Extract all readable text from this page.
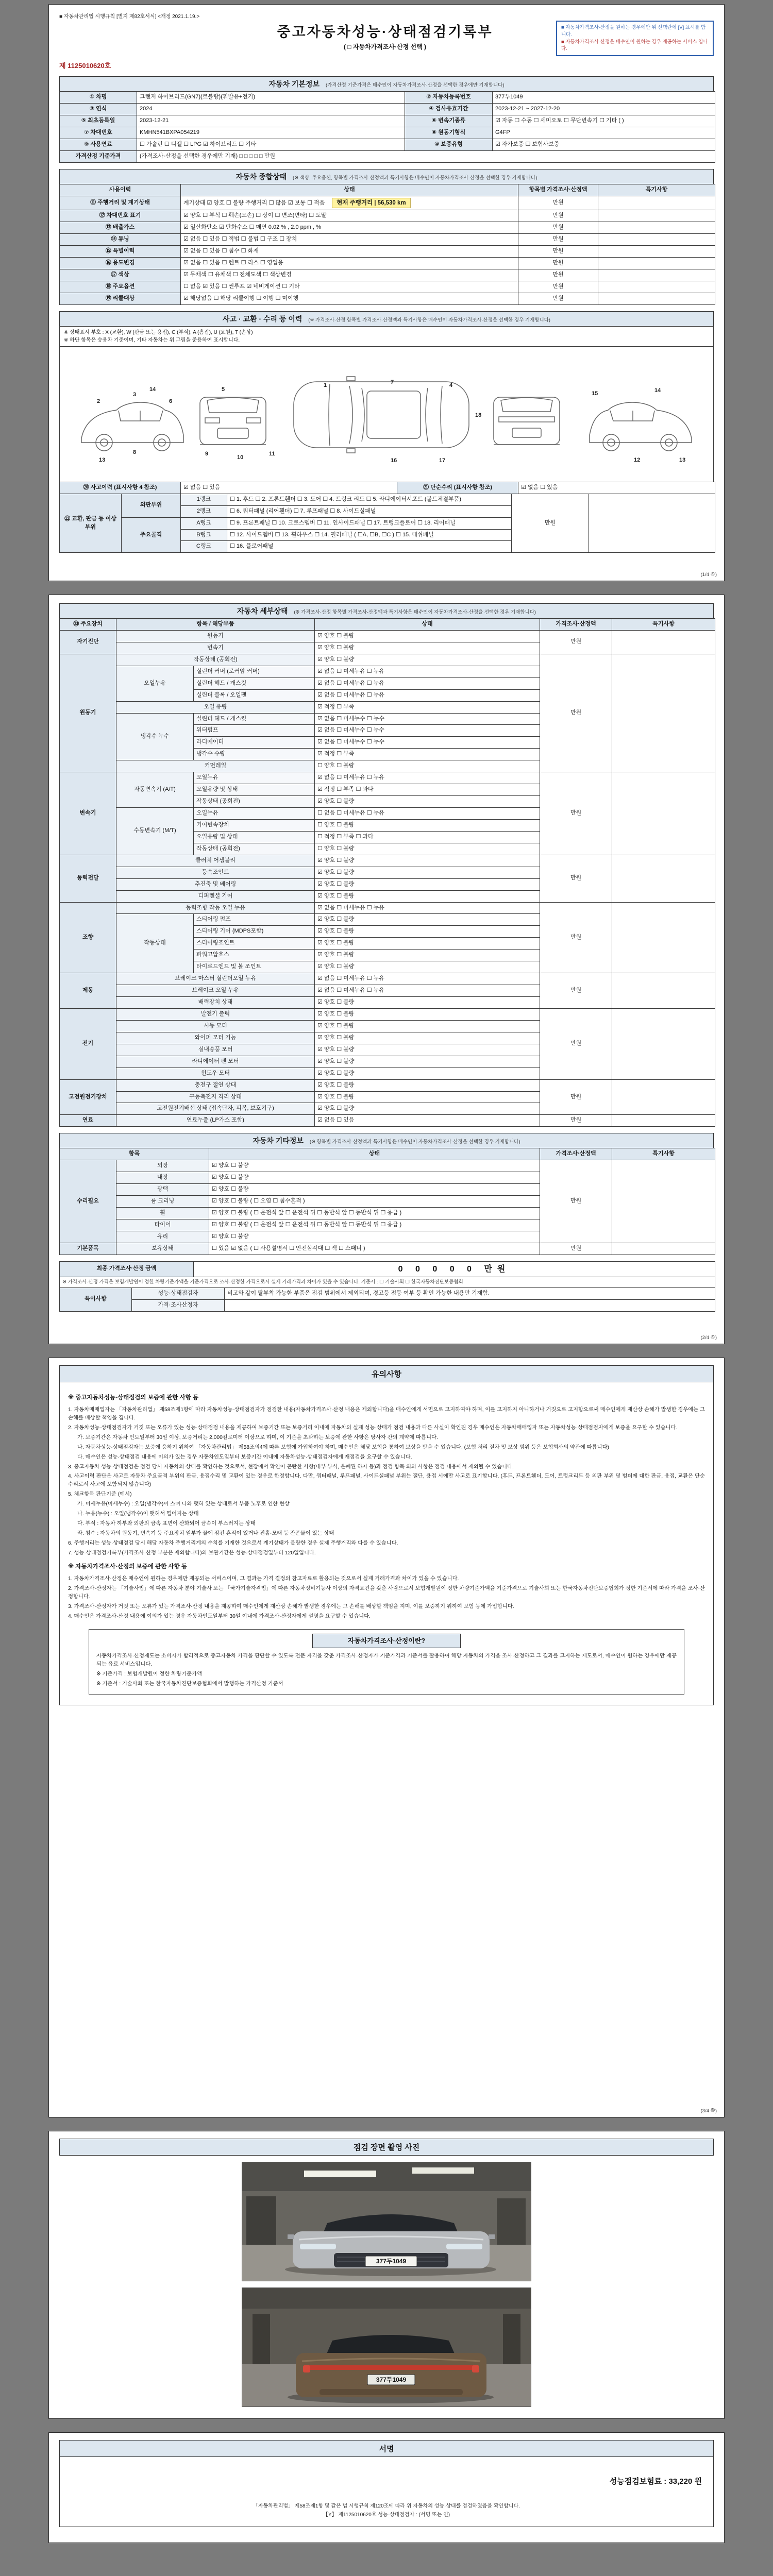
■ 자동차관리법 시행규칙 [별지 제82호서식] <개정 2021.1.19.>
중고자동차성능·상태점검기록부
( □ 자동차가격조사·산정 선택 )
■ 자동차가격조사·산정을 원하는 경우에만 위 선택란에 [V] 표시를 합니다.
■ 자동차가격조사·산정은 매수인이 원하는 경우 제공하는 서비스 입니다.
제 1125010620호
자동차 기본정보 (가격산정 기준가격은 매수인이 자동차가격조사·산정을 선택한 경우에만 기재합니다)
① 차명	그랜저 하이브리드(GN7)(르블랑)(휘발유+전기)	② 자동차등록번호	377두1049
③ 연식	2024	④ 검사유효기간	2023-12-21 ~ 2027-12-20
⑤ 최초등록일	2023-12-21	⑥ 변속기종류	☑ 자동 ☐ 수동 ☐ 세미오토 ☐ 무단변속기 ☐ 기타 ( )
⑦ 차대번호	KMHN541BXPA054219	⑧ 원동기형식	G4FP
⑨ 사용연료	☐ 가솔린 ☐ 디젤 ☐ LPG ☑ 하이브리드 ☐ 기타	⑩ 보증유형	☑ 자가보증 ☐ 보험사보증
가격산정 기준가격	(가격조사·산정을 선택한 경우에만 기재) □ □ □ □ □ 만원		
자동차 종합상태 (※ 색상, 주요옵션, 항목별 가격조사·산정액과 특기사항은 매수인이 자동차가격조사·산정을 선택한 경우 기재합니다)
사용이력	상태	항목별 가격조사·산정액	특기사항
⑪ 주행거리 및 계기상태	계기상태 ☑ 양호 ☐ 불량 주행거리 ☐ 많음 ☑ 보통 ☐ 적음 현재 주행거리 | 56,530 km	만원	
⑫ 차대번호 표기	☑ 양호 ☐ 부식 ☐ 훼손(오손) ☐ 상이 ☐ 변조(변타) ☐ 도말	만원	
⑬ 배출가스	☑ 일산화탄소 ☑ 탄화수소 ☐ 매연 0.02 % , 2.0 ppm , %	만원	
⑭ 튜닝	☑ 없음 ☐ 있음 ☐ 적법 ☐ 불법 ☐ 구조 ☐ 장치	만원	
⑮ 특별이력	☑ 없음 ☐ 있음 ☐ 침수 ☐ 화재	만원	
⑯ 용도변경	☑ 없음 ☐ 있음 ☐ 렌트 ☐ 리스 ☐ 영업용	만원	
⑰ 색상	☑ 무채색 ☐ 유채색 ☐ 전체도색 ☐ 색상변경	만원	
⑱ 주요옵션	☐ 없음 ☑ 있음 ☐ 썬루프 ☑ 네비게이션 ☐ 기타	만원	
⑲ 리콜대상	☑ 해당없음 ☐ 해당 리콜이행 ☐ 이행 ☐ 미이행	만원	
사고 · 교환 · 수리 등 이력 (※ 가격조사·산정 항목별 가격조사·산정액과 특기사항은 매수인이 자동차가격조사·산정을 선택한 경우 기재합니다)
※ 상태표시 부호 : X (교환), W (판금 또는 용접), C (부식), A (흠집), U (요철), T (손상)
※ 하단 항목은 승용차 기준이며, 기타 자동차는 위 그림을 준용하여 표시합니다.
2
3
6
8
13
14	5
9
10
11
1	7	4
16	17
18
15
12
14
13
⑳ 사고이력 (표시사항 4 참조)	☑ 없음 ☐ 있음	㉑ 단순수리 (표시사항 참조)	☑ 없음 ☐ 있음
㉒ 교환, 판금 등 이상 부위	외판부위	1랭크	☐ 1. 후드 ☐ 2. 프론트휀더 ☐ 3. 도어 ☐ 4. 트렁크 리드 ☐ 5. 라디에이터서포트 (볼트체결부품)	만원	
		2랭크	☐ 6. 쿼터패널 (리어휀더) ☐ 7. 루프패널 ☐ 8. 사이드실패널		
	주요골격	A랭크	☐ 9. 프론트패널 ☐ 10. 크로스멤버 ☐ 11. 인사이드패널 ☐ 17. 트렁크플로어 ☐ 18. 리어패널		
		B랭크	☐ 12. 사이드멤버 ☐ 13. 휠하우스 ☐ 14. 필러패널 ( ☐A, ☐B, ☐C ) ☐ 15. 대쉬패널		
		C랭크	☐ 16. 플로어패널		
(1/4 쪽)
자동차 세부상태 (※ 가격조사·산정 항목별 가격조사·산정액과 특기사항은 매수인이 자동차가격조사·산정을 선택한 경우 기재합니다)
㉓ 주요장치	항목 / 해당부품		상태	가격조사·산정액	특기사항
자기진단	원동기		☑ 양호 ☐ 불량	만원	
	변속기		☑ 양호 ☐ 불량		
원동기	작동상태 (공회전)		☑ 양호 ☐ 불량	만원	
	오일누유	실린더 커버 (로커암 커버)	☑ 없음 ☐ 미세누유 ☐ 누유		
		실린더 헤드 / 개스킷	☑ 없음 ☐ 미세누유 ☐ 누유		
		실린더 블록 / 오일팬	☑ 없음 ☐ 미세누유 ☐ 누유		
	오일 유량		☑ 적정 ☐ 부족		
	냉각수 누수	실린더 헤드 / 개스킷	☑ 없음 ☐ 미세누수 ☐ 누수		
		워터펌프	☑ 없음 ☐ 미세누수 ☐ 누수		
		라디에이터	☑ 없음 ☐ 미세누수 ☐ 누수		
		냉각수 수량	☑ 적정 ☐ 부족		
	커먼레일		☐ 양호 ☐ 불량		
변속기	자동변속기 (A/T)	오일누유	☑ 없음 ☐ 미세누유 ☐ 누유	만원	
		오일유량 및 상태	☑ 적정 ☐ 부족 ☐ 과다		
		작동상태 (공회전)	☑ 양호 ☐ 불량		
	수동변속기 (M/T)	오일누유	☐ 없음 ☐ 미세누유 ☐ 누유		
		기어변속장치	☐ 양호 ☐ 불량		
		오일유량 및 상태	☐ 적정 ☐ 부족 ☐ 과다		
		작동상태 (공회전)	☐ 양호 ☐ 불량		
동력전달	클러치 어셈블리		☑ 양호 ☐ 불량	만원	
	등속조인트		☑ 양호 ☐ 불량		
	추진축 및 베어링		☑ 양호 ☐ 불량		
	디퍼렌셜 기어		☑ 양호 ☐ 불량		
조향	동력조향 작동 오일 누유		☑ 없음 ☐ 미세누유 ☐ 누유	만원	
	작동상태	스티어링 펌프	☑ 양호 ☐ 불량		
		스티어링 기어 (MDPS포함)	☑ 양호 ☐ 불량		
		스티어링조인트	☑ 양호 ☐ 불량		
		파워고압호스	☑ 양호 ☐ 불량		
		타이로드엔드 및 볼 조인트	☑ 양호 ☐ 불량		
제동	브레이크 마스터 실린더오일 누유		☑ 없음 ☐ 미세누유 ☐ 누유	만원	
	브레이크 오일 누유		☑ 없음 ☐ 미세누유 ☐ 누유		
	배력장치 상태		☑ 양호 ☐ 불량		
전기	발전기 출력		☑ 양호 ☐ 불량	만원	
	시동 모터		☑ 양호 ☐ 불량		
	와이퍼 모터 기능		☑ 양호 ☐ 불량		
	실내송풍 모터		☑ 양호 ☐ 불량		
	라디에이터 팬 모터		☑ 양호 ☐ 불량		
	윈도우 모터		☑ 양호 ☐ 불량		
고전원전기장치	충전구 절연 상태		☑ 양호 ☐ 불량	만원	
	구동축전지 격리 상태		☑ 양호 ☐ 불량		
	고전원전기배선 상태 (접속단자, 피복, 보호기구)		☑ 양호 ☐ 불량		
연료	연료누출 (LP가스 포함)		☑ 없음 ☐ 있음	만원	
자동차 기타정보 (※ 항목별 가격조사·산정액과 특기사항은 매수인이 자동차가격조사·산정을 선택한 경우 기재합니다)
항목		상태	가격조사·산정액	특기사항
수리필요	외장	☑ 양호 ☐ 불량	만원	
	내장	☑ 양호 ☐ 불량		
	광택	☑ 양호 ☐ 불량		
	룸 크리닝	☑ 양호 ☐ 불량 ( ☐ 오염 ☐ 침수흔적 )		
	휠	☑ 양호 ☐ 불량 ( ☐ 운전석 앞 ☐ 운전석 뒤 ☐ 동반석 앞 ☐ 동반석 뒤 ☐ 응급 )		
	타이어	☑ 양호 ☐ 불량 ( ☐ 운전석 앞 ☐ 운전석 뒤 ☐ 동반석 앞 ☐ 동반석 뒤 ☐ 응급 )		
	유리	☑ 양호 ☐ 불량		
기본품목	보유상태	☐ 있음 ☑ 없음 ( ☐ 사용설명서 ☐ 안전삼각대 ☐ 잭 ☐ 스패너 )	만원	
최종 가격조사·산정 금액	0 0 0 0 0 만원
※ 가격조사·산정 가격은 보험개발원이 정한 차량기준가액을 기준가격으로 조사·산정한 가격으로서 실제 거래가격과 차이가 있을 수 있습니다. 기준서 : ☐ 기술사회 ☐ 한국자동차진단보증협회
특이사항	성능·상태점검자	비고와 같이 탈부착 가능한 부품은 점검 범위에서 제외되며, 경고등 점등 여부 등 확인 가능한 내용만 기재함.
	가격·조사산정자	
(2/4 쪽)
유의사항
※ 중고자동차성능·상태점검의 보증에 관한 사항 등
1. 자동차매매업자는 「자동차관리법」 제58조제1항에 따라 자동차성능·상태점검자가 점검한 내용(자동차가격조사·산정 내용은 제외합니다)을 매수인에게 서면으로 고지하여야 하며, 이를 고지하지 아니하거나 거짓으로 고지함으로써 매수인에게 재산상 손해가 발생한 경우에는 그 손해를 배상할 책임을 집니다.
2. 자동차성능·상태점검자가 거짓 또는 오류가 있는 성능·상태점검 내용을 제공하여 보증기간 또는 보증거리 이내에 자동차의 실제 성능·상태가 점검 내용과 다른 사실이 확인된 경우 매수인은 자동차매매업자 또는 자동차성능·상태점검자에게 보증을 요구할 수 있습니다.
가. 보증기간은 자동차 인도일부터 30일 이상, 보증거리는 2,000킬로미터 이상으로 하며, 이 기준을 초과하는 보증에 관한 사항은 당사자 간의 계약에 따릅니다.
나. 자동차성능·상태점검자는 보증에 응하기 위하여 「자동차관리법」 제58조의4에 따른 보험에 가입하여야 하며, 매수인은 해당 보험을 통하여 보상을 받을 수 있습니다. (보험 처리 절차 및 보상 범위 등은 보험회사의 약관에 따릅니다)
다. 매수인은 성능·상태점검 내용에 이의가 있는 경우 자동차인도일부터 보증기간 이내에 자동차성능·상태점검자에게 재점검을 요구할 수 있습니다.
3. 중고자동차 성능·상태점검은 점검 당시 자동차의 상태를 확인하는 것으로서, 현장에서 확인이 곤란한 사항(내부 부식, 은폐된 하자 등)과 점검 항목 외의 사항은 점검 내용에서 제외될 수 있습니다.
4. 사고이력 판단은 사고로 자동차 주요골격 부위의 판금, 용접수리 및 교환이 있는 경우로 한정합니다. 다만, 쿼터패널, 루프패널, 사이드실패널 부위는 절단, 용접 시에만 사고로 표기합니다. (후드, 프론트휀더, 도어, 트렁크리드 등 외판 부위 및 범퍼에 대한 판금, 용접, 교환은 단순수리로서 사고에 포함되지 않습니다)
5. 체크항목 판단기준 (예시)
가. 미세누유(미세누수) : 오일(냉각수)이 스며 나와 맺혀 있는 상태로서 부품 노후로 인한 현상
나. 누유(누수) : 오일(냉각수)이 맺혀서 떨어지는 상태
다. 부식 : 자동차 하부와 외판의 금속 표면이 산화되어 금속이 부스러지는 상태
라. 침수 : 자동차의 원동기, 변속기 등 주요장치 일부가 물에 잠긴 흔적이 있거나 진흙·모래 등 잔존물이 있는 상태
6. 주행거리는 성능·상태점검 당시 해당 자동차 주행거리계의 수치를 기재한 것으로서 계기상태가 불량한 경우 실제 주행거리와 다를 수 있습니다.
7. 성능·상태점검기록부(가격조사·산정 부분은 제외합니다)의 보관기간은 성능·상태점검일부터 120일입니다.
※ 자동차가격조사·산정의 보증에 관한 사항 등
1. 자동차가격조사·산정은 매수인이 원하는 경우에만 제공되는 서비스이며, 그 결과는 가격 결정의 참고자료로 활용되는 것으로서 실제 거래가격과 차이가 있을 수 있습니다.
2. 가격조사·산정자는 「기술사법」에 따른 자동차 분야 기술사 또는 「국가기술자격법」에 따른 자동차정비기능사 이상의 자격요건을 갖춘 사람으로서 보험개발원이 정한 차량기준가액을 기준가격으로 기술사회 또는 한국자동차진단보증협회가 정한 기준서에 따라 가격을 조사·산정합니다.
3. 가격조사·산정자가 거짓 또는 오류가 있는 가격조사·산정 내용을 제공하여 매수인에게 재산상 손해가 발생한 경우에는 그 손해를 배상할 책임을 지며, 이를 보증하기 위하여 보험 등에 가입합니다.
4. 매수인은 가격조사·산정 내용에 이의가 있는 경우 자동차인도일부터 30일 이내에 가격조사·산정자에게 설명을 요구할 수 있습니다.
자동차가격조사·산정이란?
자동차가격조사·산정제도는 소비자가 합리적으로 중고자동차 가격을 판단할 수 있도록 전문 자격을 갖춘 가격조사·산정자가 기준가격과 기준서를 활용하여 해당 자동차의 가격을 조사·산정하고 그 결과를 고지하는 제도로서, 매수인이 원하는 경우에만 제공되는 유료 서비스입니다.
※ 기준가격 : 보험개발원이 정한 차량기준가액
※ 기준서 : 기술사회 또는 한국자동차진단보증협회에서 발행하는 가격산정 기준서
(3/4 쪽)
점검 장면 촬영 사진
377두1049
377두1049
서명
성능점검보험료 : 33,220 원
「자동차관리법」 제58조제1항 및 같은 법 시행규칙 제120조에 따라 위 자동차의 성능·상태를 점검하였음을 확인합니다.
【Y】 제1125010620호 성능·상태점검자 : (서명 또는 인)
